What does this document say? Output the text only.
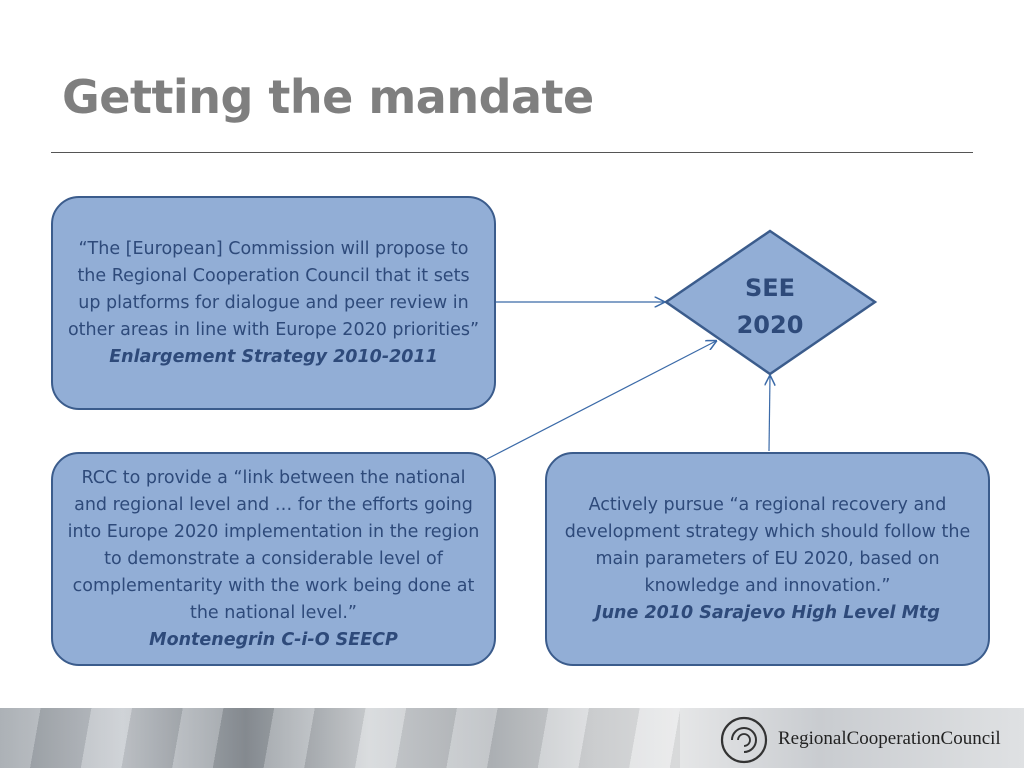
Getting the mandate
SEE
2020
“The [European] Commission will propose to the Regional Cooperation Council that it sets up platforms for dialogue and peer review in other areas in line with Europe 2020 priorities”
Enlargement Strategy 2010-2011
RCC to provide a “link between the national and regional level and … for the efforts going into Europe 2020 implementation in the region to demonstrate a considerable level of complementarity with the work being done at the national level.”
Montenegrin C-i-O SEECP
Actively pursue “a regional recovery and development strategy which should follow the main parameters of EU 2020, based on knowledge and innovation.”
June 2010 Sarajevo High Level Mtg
RegionalCooperationCouncil
